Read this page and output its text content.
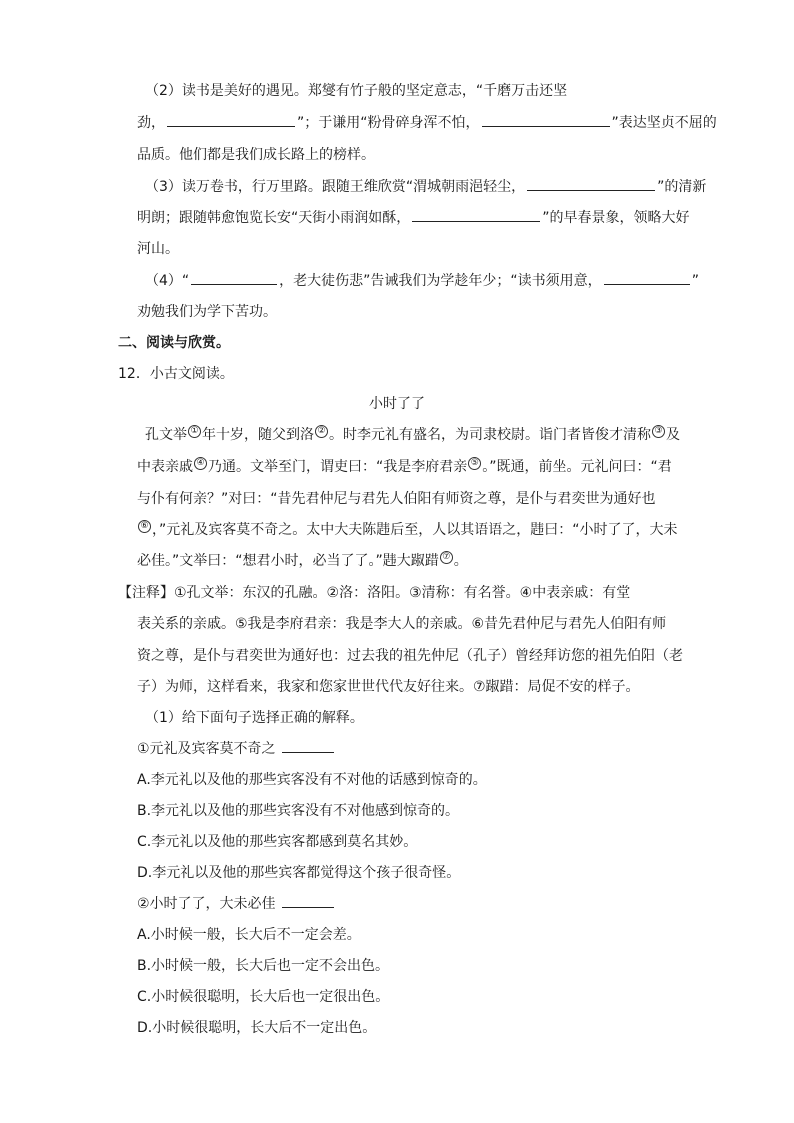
（2）读书是美好的遇见。郑燮有竹子般的坚定意志，“千磨万击还坚
劲，	”；于谦用“粉骨碎身浑不怕，	”表达坚贞不屈的
品质。他们都是我们成长路上的榜样。
（3）读万卷书，行万里路。跟随王维欣赏“渭城朝雨浥轻尘，	”的清新
明朗；跟随韩愈饱览长安“天街小雨润如酥，	”的早春景象，领略大好
河山。
（4）“	，老大徒伤悲”告诫我们为学趁年少；“读书须用意，	”
劝勉我们为学下苦功。
二、阅读与欣赏。
12．小古文阅读。
小时了了
孔文举 ① 年十岁，随父到洛 ② 。时李元礼有盛名，为司隶校尉。诣门者皆俊才清称 ③ 及
中表亲戚 ④ 乃通。文举至门，谓吏曰：“我是李府君亲 ⑤ 。”既通，前坐。元礼问曰：“君
与仆有何亲？”对曰：“昔先君仲尼与君先人伯阳有师资之尊，是仆与君奕世为通好也
⑥ ，”元礼及宾客莫不奇之。太中大夫陈韪后至，人以其语语之，韪曰：“小时了了，大未
必佳。”文举曰：“想君小时，必当了了。”韪大踧踖 ⑦ 。
【注释】①孔文举：东汉的孔融。②洛：洛阳。③清称：有名誉。④中表亲戚：有堂
表关系的亲戚。⑤我是李府君亲：我是李大人的亲戚。⑥昔先君仲尼与君先人伯阳有师
资之尊，是仆与君奕世为通好也：过去我的祖先仲尼（孔子）曾经拜访您的祖先伯阳（老
子）为师，这样看来，我家和您家世世代代友好往来。⑦踧踖：局促不安的样子。
（1）给下面句子选择正确的解释。
①元礼及宾客莫不奇之
A.李元礼以及他的那些宾客没有不对他的话感到惊奇的。
B.李元礼以及他的那些宾客没有不对他感到惊奇的。
C.李元礼以及他的那些宾客都感到莫名其妙。
D.李元礼以及他的那些宾客都觉得这个孩子很奇怪。
②小时了了，大未必佳
A.小时候一般，长大后不一定会差。
B.小时候一般，长大后也一定不会出色。
C.小时候很聪明，长大后也一定很出色。
D.小时候很聪明，长大后不一定出色。
